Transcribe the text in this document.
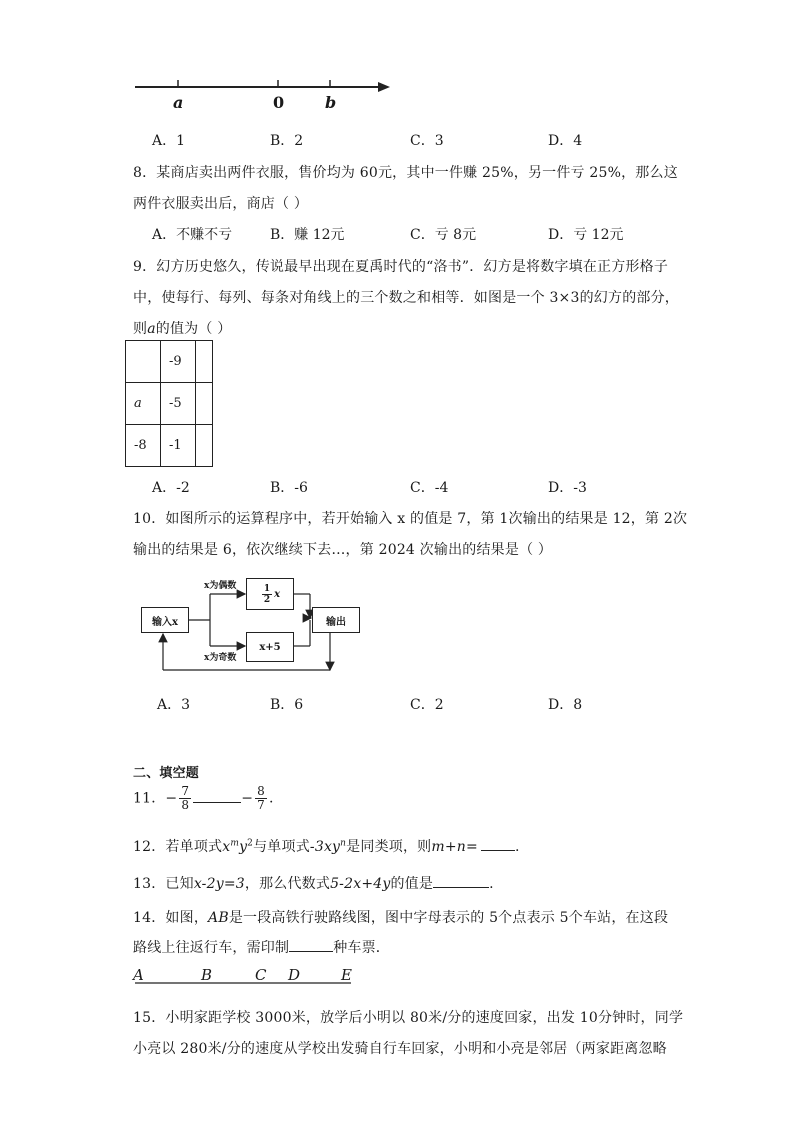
a	0	b
A．1	B．2	C．3	D．4
8．某商店卖出两件衣服，售价均为 60元，其中一件赚 25%，另一件亏 25%，那么这
两件衣服卖出后，商店（ ）
A．不赚不亏	B．赚 12元	C．亏 8元	D．亏 12元
9．幻方历史悠久，传说最早出现在夏禹时代的“洛书”．幻方是将数字填在正方形格子
中，使每行、每列、每条对角线上的三个数之和相等．如图是一个 3×3的幻方的部分，
则a的值为（ ）
	-9	
a	-5	
-8	-1	
A．-2	B．-6	C．-4	D．-3
10．如图所示的运算程序中，若开始输入 x 的值是 7，第 1次输出的结果是 12，第 2次
输出的结果是 6，依次继续下去…，第 2024 次输出的结果是（ ）
输入x
x为偶数	$\frac{1}{2}$ x
x+5
x为奇数
输出
A．3	B．6	C．2	D．8
二、填空题
11．− $\frac{7}{8}$	− $\frac{8}{7}$ .
12．若单项式$x^my^2$与单项式$-3xy^n$是同类项，则m+n=	.
13．已知x-2y=3，那么代数式5-2x+4y的值是	.
14．如图，AB是一段高铁行驶路线图，图中字母表示的 5个点表示 5个车站，在这段
路线上往返行车，需印制	种车票．
A	B	C D	E
15．小明家距学校 3000米，放学后小明以 80米/分的速度回家，出发 10分钟时，同学
小亮以 280米/分的速度从学校出发骑自行车回家，小明和小亮是邻居（两家距离忽略
